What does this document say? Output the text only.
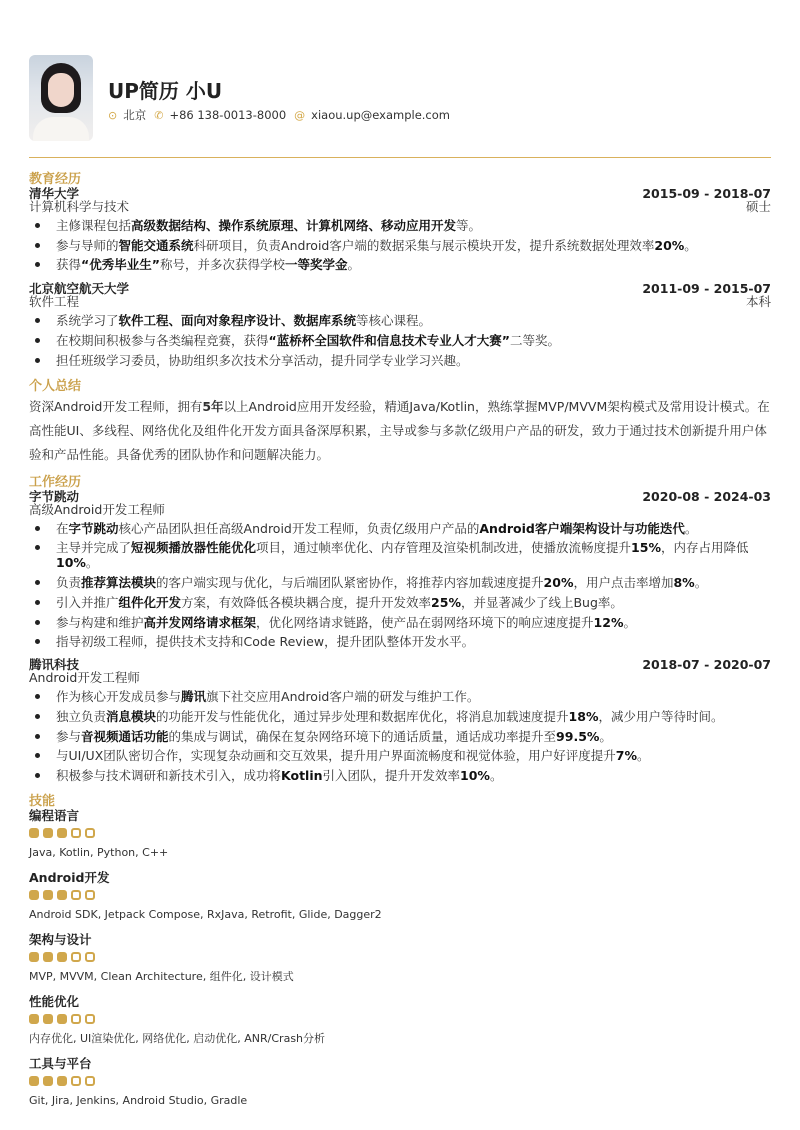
UP简历 小U
⊙ 北京 ✆ +86 138-0013-8000 @ xiaou.up@example.com
教育经历
清华大学	2015-09 - 2018-07
计算机科学与技术	硕士
主修课程包括高级数据结构、操作系统原理、计算机网络、移动应用开发等。
参与导师的智能交通系统科研项目，负责Android客户端的数据采集与展示模块开发，提升系统数据处理效率20%。
获得“优秀毕业生”称号，并多次获得学校一等奖学金。
北京航空航天大学	2011-09 - 2015-07
软件工程	本科
系统学习了软件工程、面向对象程序设计、数据库系统等核心课程。
在校期间积极参与各类编程竞赛，获得“蓝桥杯全国软件和信息技术专业人才大赛”二等奖。
担任班级学习委员，协助组织多次技术分享活动，提升同学专业学习兴趣。
个人总结
资深Android开发工程师，拥有5年以上Android应用开发经验，精通Java/Kotlin，熟练掌握MVP/MVVM架构模式及常用设计模式。在高性能UI、多线程、网络优化及组件化开发方面具备深厚积累，主导或参与多款亿级用户产品的研发，致力于通过技术创新提升用户体验和产品性能。具备优秀的团队协作和问题解决能力。
工作经历
字节跳动	2020-08 - 2024-03
高级Android开发工程师
在字节跳动核心产品团队担任高级Android开发工程师，负责亿级用户产品的Android客户端架构设计与功能迭代。
主导并完成了短视频播放器性能优化项目，通过帧率优化、内存管理及渲染机制改进，使播放流畅度提升15%，内存占用降低10%。
负责推荐算法模块的客户端实现与优化，与后端团队紧密协作，将推荐内容加载速度提升20%，用户点击率增加8%。
引入并推广组件化开发方案，有效降低各模块耦合度，提升开发效率25%，并显著减少了线上Bug率。
参与构建和维护高并发网络请求框架，优化网络请求链路，使产品在弱网络环境下的响应速度提升12%。
指导初级工程师，提供技术支持和Code Review，提升团队整体开发水平。
腾讯科技	2018-07 - 2020-07
Android开发工程师
作为核心开发成员参与腾讯旗下社交应用Android客户端的研发与维护工作。
独立负责消息模块的功能开发与性能优化，通过异步处理和数据库优化，将消息加载速度提升18%，减少用户等待时间。
参与音视频通话功能的集成与调试，确保在复杂网络环境下的通话质量，通话成功率提升至99.5%。
与UI/UX团队密切合作，实现复杂动画和交互效果，提升用户界面流畅度和视觉体验，用户好评度提升7%。
积极参与技术调研和新技术引入，成功将Kotlin引入团队，提升开发效率10%。
技能
编程语言
Java, Kotlin, Python, C++
Android开发
Android SDK, Jetpack Compose, RxJava, Retrofit, Glide, Dagger2
架构与设计
MVP, MVVM, Clean Architecture, 组件化, 设计模式
性能优化
内存优化, UI渲染优化, 网络优化, 启动优化, ANR/Crash分析
工具与平台
Git, Jira, Jenkins, Android Studio, Gradle
